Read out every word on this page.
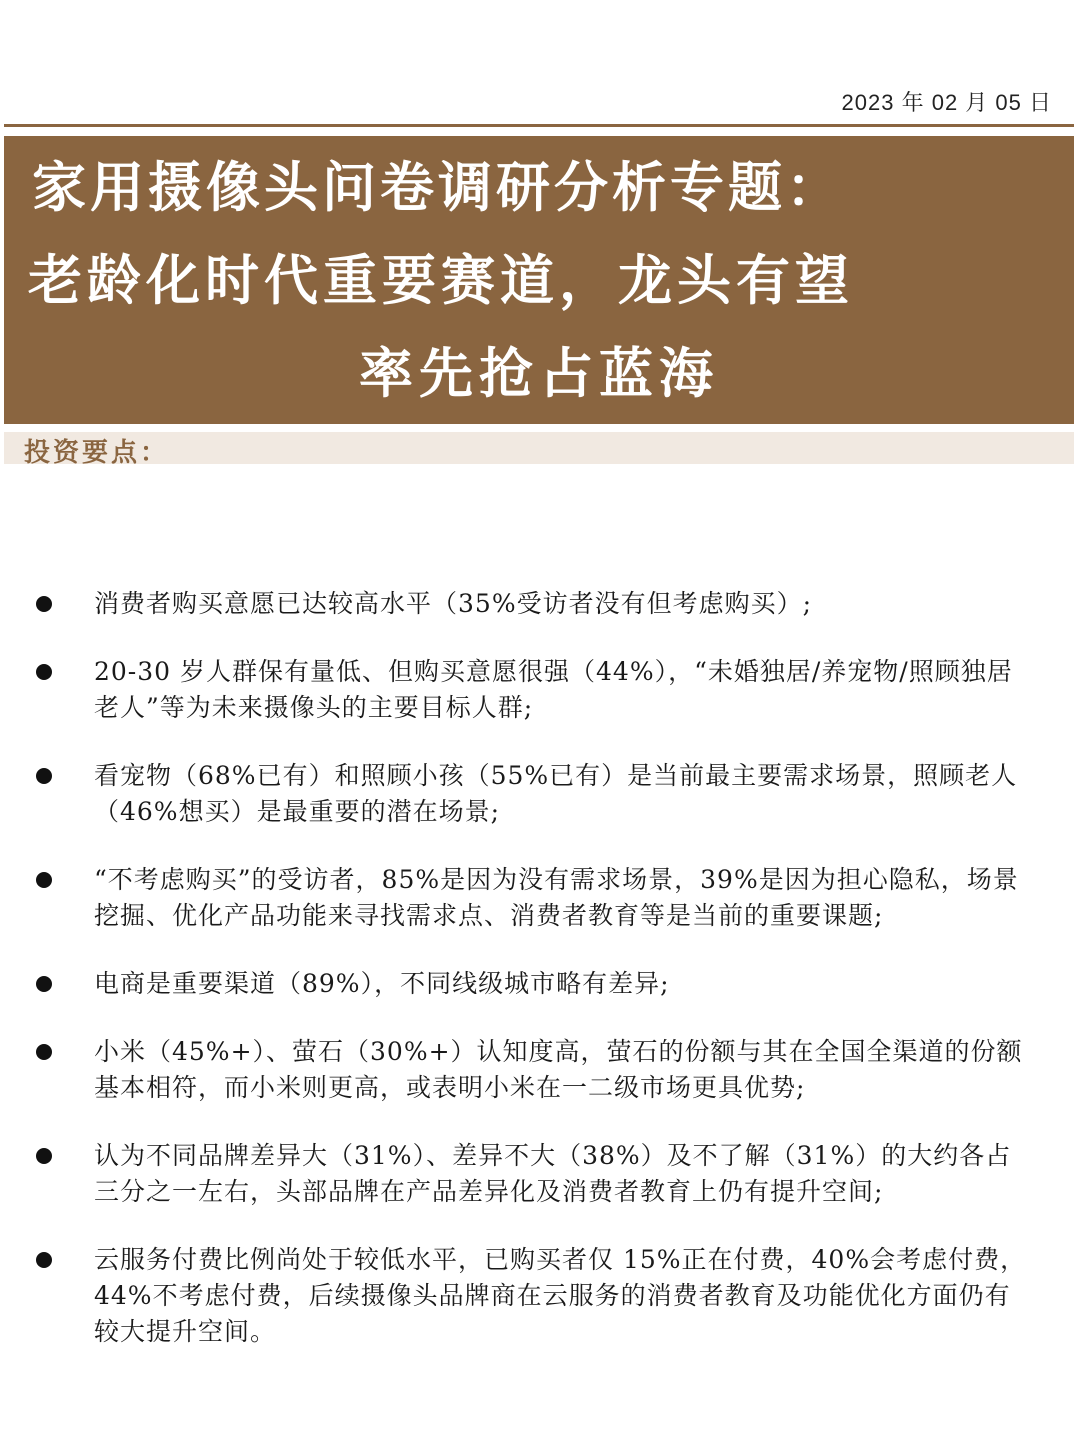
2023 年 02 月 05 日
家用摄像头问卷调研分析专题：
老龄化时代重要赛道，龙头有望
率先抢占蓝海
投资要点：
消费者购买意愿已达较高水平（35%受访者没有但考虑购买）;
20-30 岁人群保有量低、但购买意愿很强（44%），“未婚独居/养宠物/照顾独居老人”等为未来摄像头的主要目标人群;
看宠物（68%已有）和照顾小孩（55%已有）是当前最主要需求场景，照顾老人（46%想买）是最重要的潜在场景;
“不考虑购买”的受访者，85%是因为没有需求场景，39%是因为担心隐私，场景挖掘、优化产品功能来寻找需求点、消费者教育等是当前的重要课题;
电商是重要渠道（89%），不同线级城市略有差异;
小米（45%+）、萤石（30%+）认知度高，萤石的份额与其在全国全渠道的份额基本相符，而小米则更高，或表明小米在一二级市场更具优势;
认为不同品牌差异大（31%）、差异不大（38%）及不了解（31%）的大约各占三分之一左右，头部品牌在产品差异化及消费者教育上仍有提升空间;
云服务付费比例尚处于较低水平，已购买者仅 15%正在付费，40%会考虑付费，44%不考虑付费，后续摄像头品牌商在云服务的消费者教育及功能优化方面仍有较大提升空间。
